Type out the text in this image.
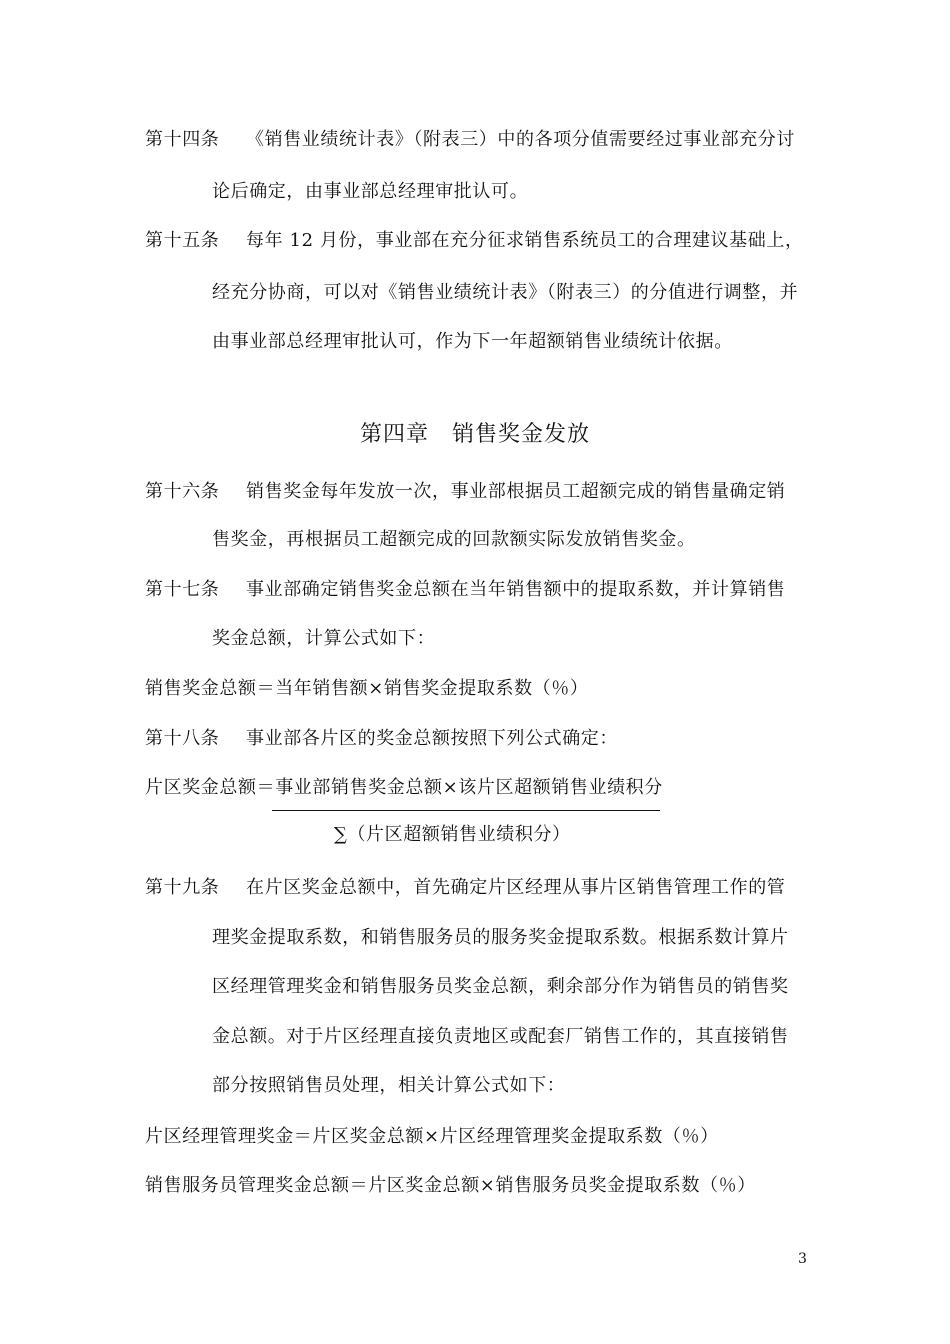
第十四条 《销售业绩统计表》（附表三）中的各项分值需要经过事业部充分讨
论后确定，由事业部总经理审批认可。
第十五条 每年 12 月份，事业部在充分征求销售系统员工的合理建议基础上，
经充分协商，可以对《销售业绩统计表》（附表三）的分值进行调整，并
由事业部总经理审批认可，作为下一年超额销售业绩统计依据。
第四章　销售奖金发放
第十六条 销售奖金每年发放一次，事业部根据员工超额完成的销售量确定销
售奖金，再根据员工超额完成的回款额实际发放销售奖金。
第十七条 事业部确定销售奖金总额在当年销售额中的提取系数，并计算销售
奖金总额，计算公式如下：
销售奖金总额＝当年销售额×销售奖金提取系数（％）
第十八条 事业部各片区的奖金总额按照下列公式确定：
片区奖金总额＝事业部销售奖金总额×该片区超额销售业绩积分
∑（片区超额销售业绩积分）
第十九条 在片区奖金总额中，首先确定片区经理从事片区销售管理工作的管
理奖金提取系数，和销售服务员的服务奖金提取系数。根据系数计算片
区经理管理奖金和销售服务员奖金总额，剩余部分作为销售员的销售奖
金总额。对于片区经理直接负责地区或配套厂销售工作的，其直接销售
部分按照销售员处理，相关计算公式如下：
片区经理管理奖金＝片区奖金总额×片区经理管理奖金提取系数（％）
销售服务员管理奖金总额＝片区奖金总额×销售服务员奖金提取系数（％）
3
